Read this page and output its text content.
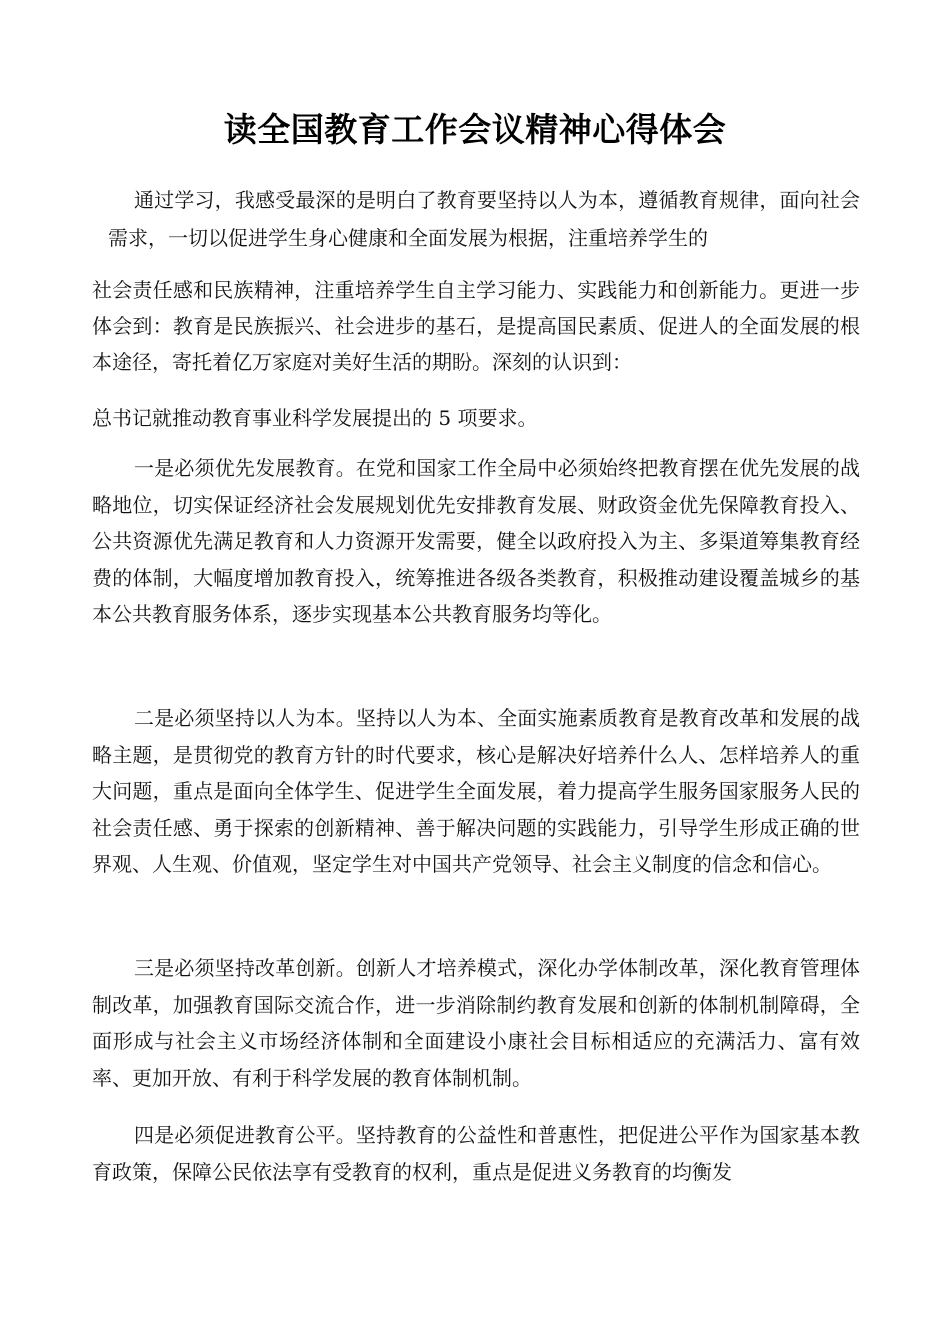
读全国教育工作会议精神心得体会

通过学习，我感受最深的是明白了教育要坚持以人为本，遵循教育规律，面向社会需求，一切以促进学生身心健康和全面发展为根据，注重培养学生的

社会责任感和民族精神，注重培养学生自主学习能力、实践能力和创新能力。更进一步体会到：教育是民族振兴、社会进步的基石，是提高国民素质、促进人的全面发展的根本途径，寄托着亿万家庭对美好生活的期盼。深刻的认识到：

总书记就推动教育事业科学发展提出的 5 项要求。

一是必须优先发展教育。在党和国家工作全局中必须始终把教育摆在优先发展的战略地位，切实保证经济社会发展规划优先安排教育发展、财政资金优先保障教育投入、公共资源优先满足教育和人力资源开发需要，健全以政府投入为主、多渠道筹集教育经费的体制，大幅度增加教育投入，统筹推进各级各类教育，积极推动建设覆盖城乡的基本公共教育服务体系，逐步实现基本公共教育服务均等化。

二是必须坚持以人为本。坚持以人为本、全面实施素质教育是教育改革和发展的战略主题，是贯彻党的教育方针的时代要求，核心是解决好培养什么人、怎样培养人的重大问题，重点是面向全体学生、促进学生全面发展，着力提高学生服务国家服务人民的社会责任感、勇于探索的创新精神、善于解决问题的实践能力，引导学生形成正确的世界观、人生观、价值观，坚定学生对中国共产党领导、社会主义制度的信念和信心。

三是必须坚持改革创新。创新人才培养模式，深化办学体制改革，深化教育管理体制改革，加强教育国际交流合作，进一步消除制约教育发展和创新的体制机制障碍，全面形成与社会主义市场经济体制和全面建设小康社会目标相适应的充满活力、富有效率、更加开放、有利于科学发展的教育体制机制。

四是必须促进教育公平。坚持教育的公益性和普惠性，把促进公平作为国家基本教育政策，保障公民依法享有受教育的权利，重点是促进义务教育的均衡发
